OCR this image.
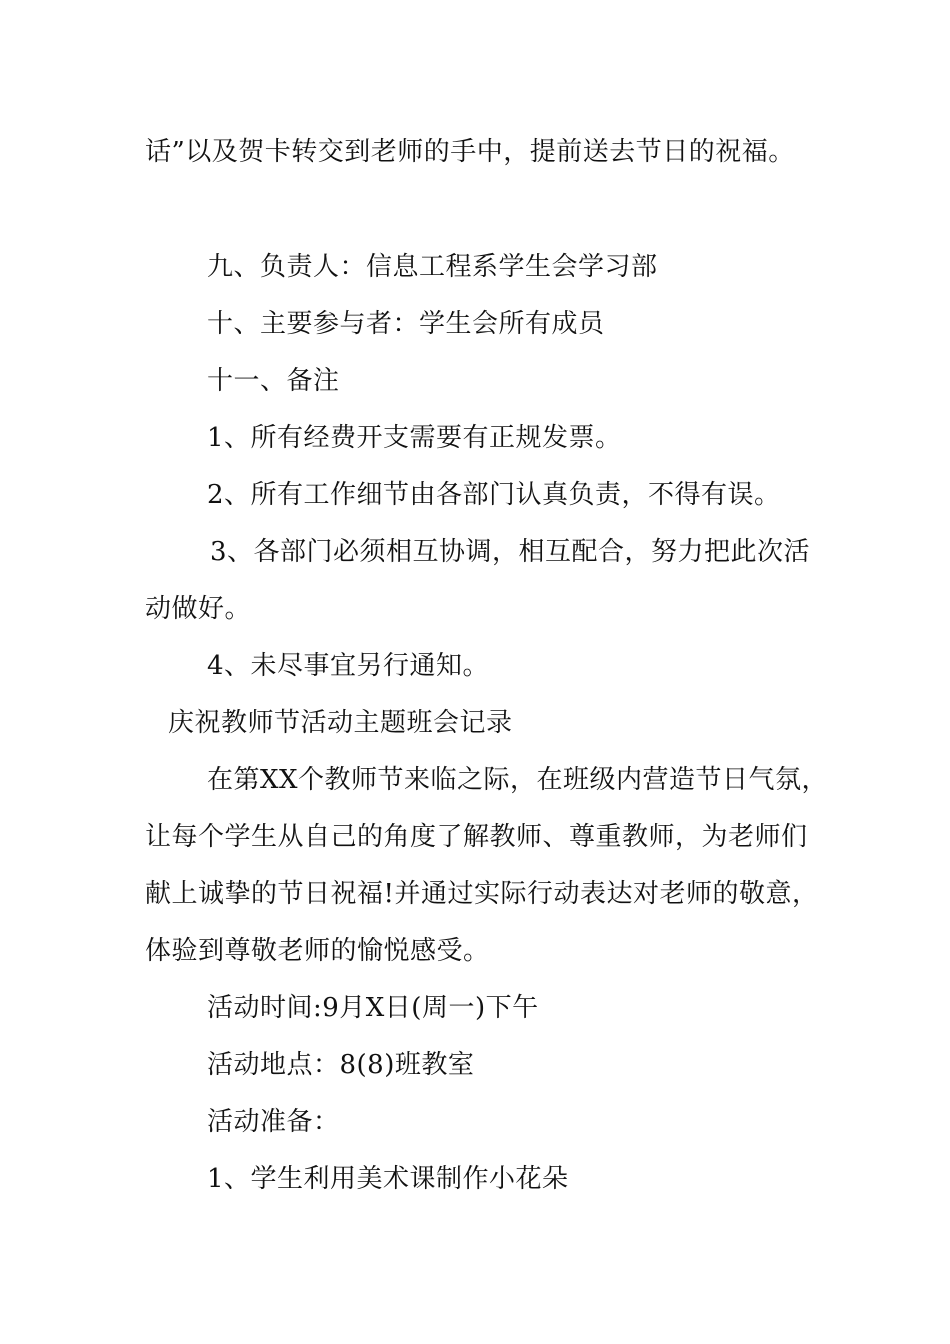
话”以及贺卡转交到老师的手中，提前送去节日的祝福。
九、负责人：信息工程系学生会学习部
十、主要参与者：学生会所有成员
十一、备注
1、所有经费开支需要有正规发票。
2、所有工作细节由各部门认真负责，不得有误。
3、各部门必须相互协调，相互配合，努力把此次活
动做好。
4、未尽事宜另行通知。
庆祝教师节活动主题班会记录
在第XX个教师节来临之际，在班级内营造节日气氛，
让每个学生从自己的角度了解教师、尊重教师，为老师们
献上诚挚的节日祝福!并通过实际行动表达对老师的敬意，
体验到尊敬老师的愉悦感受。
活动时间:9月X日(周一)下午
活动地点：8(8)班教室
活动准备：
1、学生利用美术课制作小花朵
